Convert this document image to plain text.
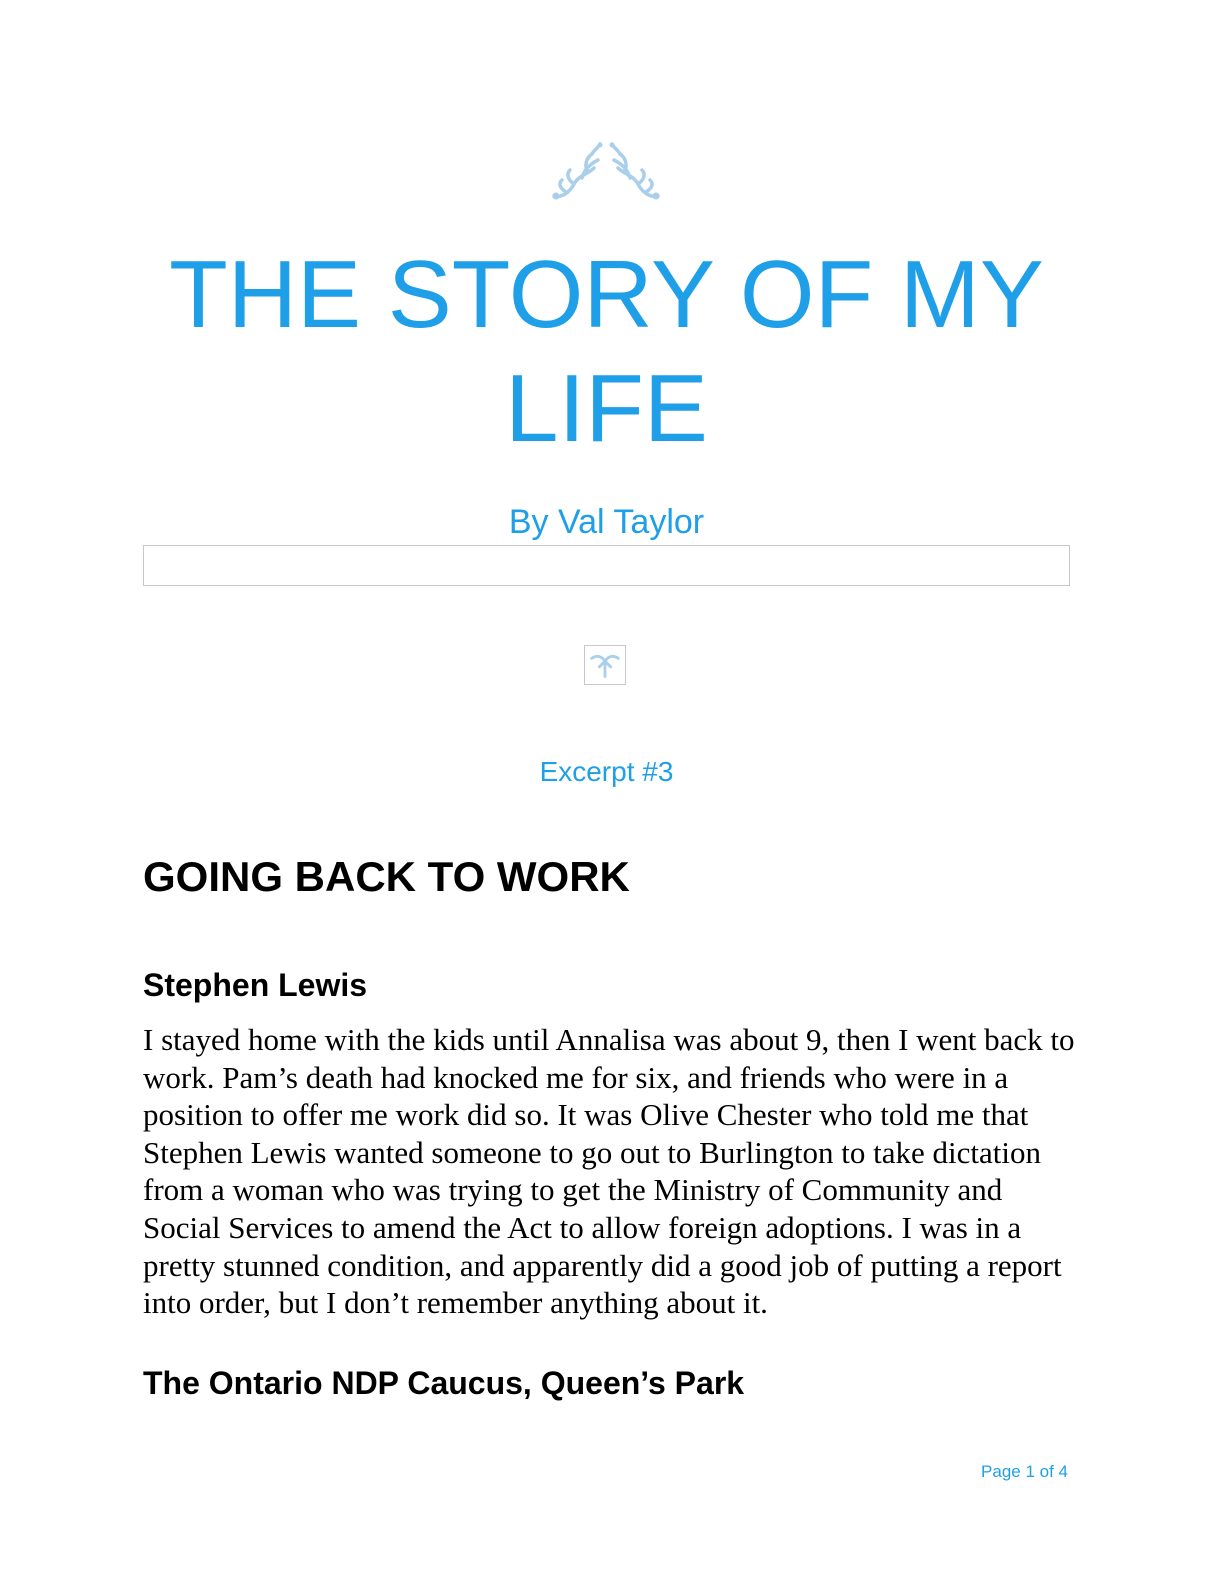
THE STORY OF MY LIFE
By Val Taylor
Excerpt #3
GOING BACK TO WORK
Stephen Lewis

I stayed home with the kids until Annalisa was about 9, then I went back to work. Pam’s death had knocked me for six, and friends who were in a position to offer me work did so. It was Olive Chester who told me that Stephen Lewis wanted someone to go out to Burlington to take dictation from a woman who was trying to get the Ministry of Community and Social Services to amend the Act to allow foreign adoptions. I was in a pretty stunned condition, and apparently did a good job of putting a report into order, but I don’t remember anything about it.

The Ontario NDP Caucus, Queen’s Park
Page 1 of 4
